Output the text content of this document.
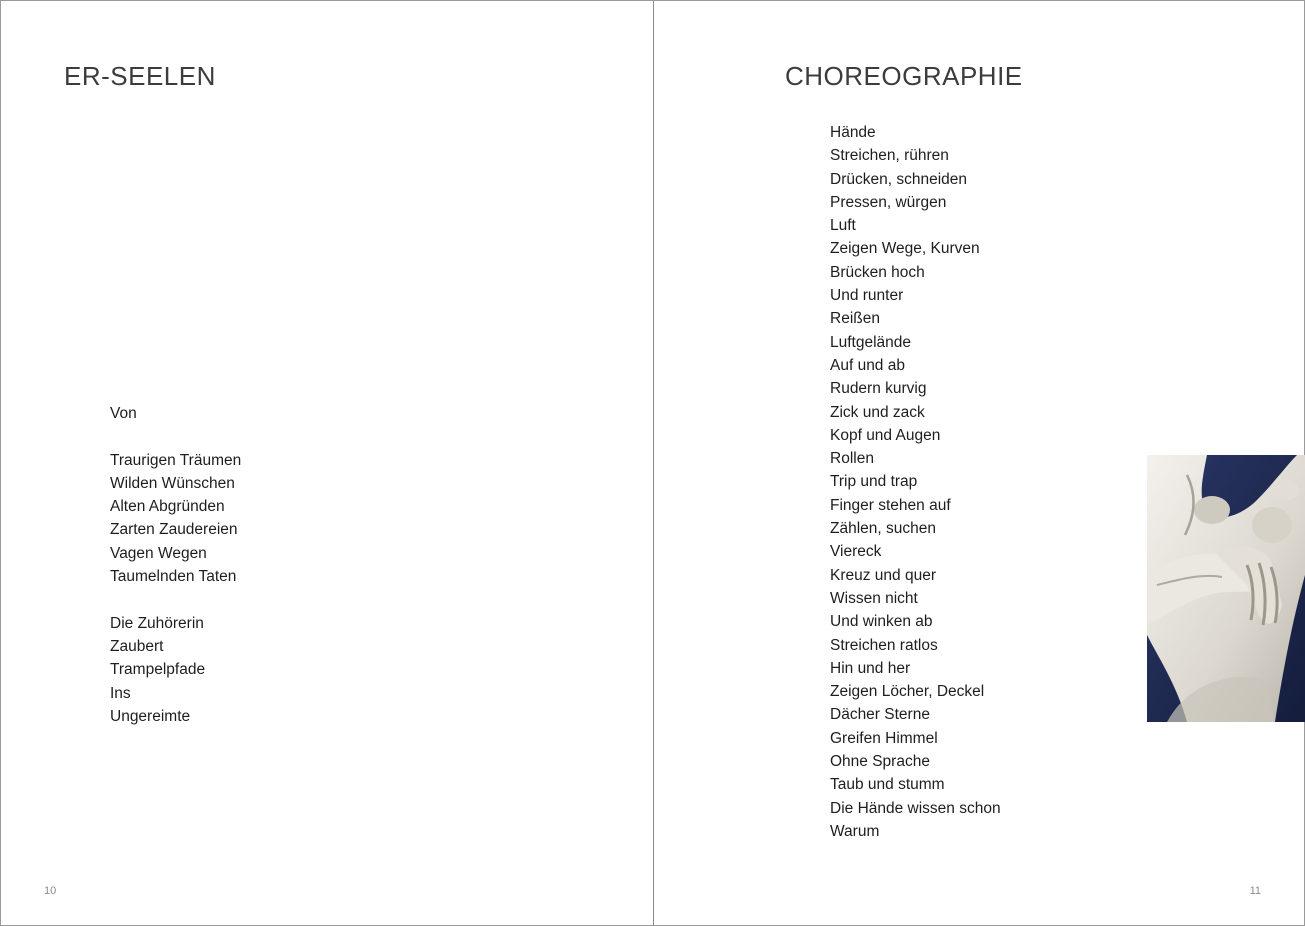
ER-SEELEN
Von
Traurigen Träumen
Wilden Wünschen
Alten Abgründen
Zarten Zaudereien
Vagen Wegen
Taumelnden Taten
Die Zuhörerin
Zaubert
Trampelpfade
Ins
Ungereimte
10
CHOREOGRAPHIE
Hände
Streichen, rühren
Drücken, schneiden
Pressen, würgen
Luft
Zeigen Wege, Kurven
Brücken hoch
Und runter
Reißen
Luftgelände
Auf und ab
Rudern kurvig
Zick und zack
Kopf und Augen
Rollen
Trip und trap
Finger stehen auf
Zählen, suchen
Viereck
Kreuz und quer
Wissen nicht
Und winken ab
Streichen ratlos
Hin und her
Zeigen Löcher, Deckel
Dächer Sterne
Greifen Himmel
Ohne Sprache
Taub und stumm
Die Hände wissen schon
Warum
11
